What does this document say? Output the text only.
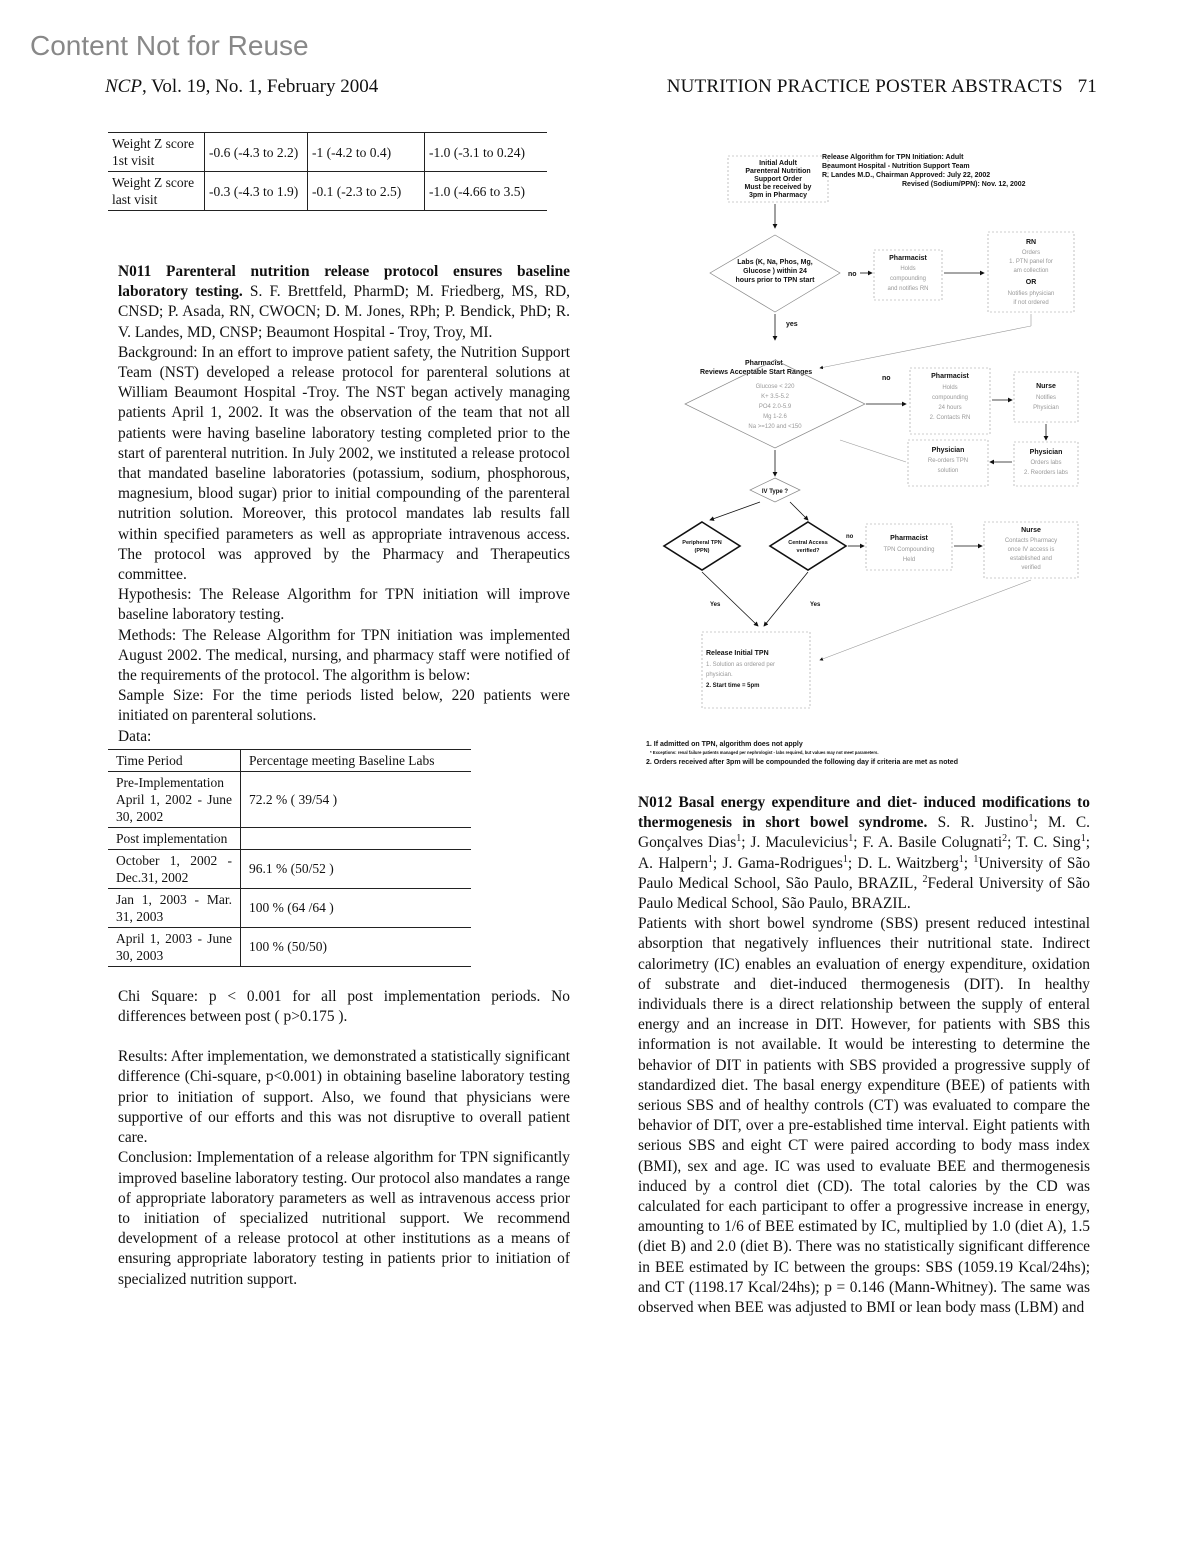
Content Not for Reuse
NCP, Vol. 19, No. 1, February 2004	NUTRITION PRACTICE POSTER ABSTRACTS 71
Weight Z score 1st visit	-0.6 (-4.3 to 2.2)	-1 (-4.2 to 0.4)	-1.0 (-3.1 to 0.24)
Weight Z score last visit	-0.3 (-4.3 to 1.9)	-0.1 (-2.3 to 2.5)	-1.0 (-4.66 to 3.5)

N011 Parenteral nutrition release protocol ensures baseline laboratory testing. S. F. Brettfeld, PharmD; M. Friedberg, MS, RD, CNSD; P. Asada, RN, CWOCN; D. M. Jones, RPh; P. Bendick, PhD; R. V. Landes, MD, CNSP; Beaumont Hospital - Troy, Troy, MI.

Background: In an effort to improve patient safety, the Nutrition Support Team (NST) developed a release protocol for parenteral solutions at William Beaumont Hospital -Troy. The NST began actively managing patients April 1, 2002. It was the observation of the team that not all patients were having baseline laboratory testing completed prior to the start of parenteral nutrition. In July 2002, we instituted a release protocol that mandated baseline laboratories (potassium, sodium, phosphorous, magnesium, blood sugar) prior to initial compounding of the parenteral nutrition solution. Moreover, this protocol mandates lab results fall within specified parameters as well as appropriate intravenous access. The protocol was approved by the Pharmacy and Therapeutics committee.

Hypothesis: The Release Algorithm for TPN initiation will improve baseline laboratory testing.

Methods: The Release Algorithm for TPN initiation was implemented August 2002. The medical, nursing, and pharmacy staff were notified of the requirements of the protocol. The algorithm is below:

Sample Size: For the time periods listed below, 220 patients were initiated on parenteral solutions.

Data:

Time Period	Percentage meeting Baseline Labs
Pre-Implementation April 1, 2002 - June 30, 2002	72.2 % ( 39/54 )
Post implementation	
October 1, 2002 - Dec.31, 2002	96.1 % (50/52 )
Jan 1, 2003 - Mar. 31, 2003	100 % (64 /64 )
April 1, 2003 - June 30, 2003	100 % (50/50)

Chi Square: p < 0.001 for all post implementation periods. No differences between post ( p>0.175 ).

Results: After implementation, we demonstrated a statistically significant difference (Chi-square, p<0.001) in obtaining baseline laboratory testing prior to initiation of support. Also, we found that physicians were supportive of our efforts and this was not disruptive to overall patient care.

Conclusion: Implementation of a release algorithm for TPN significantly improved baseline laboratory testing. Our protocol also mandates a range of appropriate laboratory parameters as well as intravenous access prior to initiation of specialized nutritional support. We recommend development of a release protocol at other institutions as a means of ensuring appropriate laboratory testing in patients prior to initiation of specialized nutrition support.

Initial Adult
Parenteral Nutrition
Support Order
Must be received by
3pm in Pharmacy
Release Algorithm for TPN Initiation: Adult
Beaumont Hospital - Nutrition Support Team
R. Landes M.D., Chairman Approved: July 22, 2002
Revised (Sodium/PPN): Nov. 12, 2002
Labs (K, Na, Phos, Mg,
Glucose ) within 24
hours prior to TPN start
no
Pharmacist
Holds
compounding
and notifies RN
RN
Orders
1. PTN panel for
am collection
OR
Notifies physician
if not ordered
yes
Pharmacist
Reviews Acceptable Start Ranges
Glucose < 220
K+ 3.5-5.2
PO4 2.0-5.9
Mg 1-2.6
Na >=120 and <150
no	Pharmacist
Holds
compounding
24 hours
2. Contacts RN
Nurse
Notifies
Physician
Physician
Re-orders TPN
solution
Physician
Orders labs
2. Reorders labs
IV Type ?
Peripheral TPN
(PPN)
Central Access
verified?
no	Pharmacist
TPN Compounding
Held
Nurse
Contacts Pharmacy
once IV access is
established and
verified
Yes	Yes
Release Initial TPN
1. Solution as ordered per
physician.
2. Start time = 5pm
1. If admitted on TPN, algorithm does not apply
* Exceptions: renal failure patients managed per nephrologist - labs required, but values may not meet parameters.
2. Orders received after 3pm will be compounded the following day if criteria are met as noted

N012 Basal energy expenditure and diet- induced modifications to thermogenesis in short bowel syndrome. S. R. Justino$^1$; M. C. Gonçalves Dias$^1$; J. Maculevicius$^1$; F. A. Basile Colugnati$^2$; T. C. Sing$^1$; A. Halpern$^1$; J. Gama-Rodrigues$^1$; D. L. Waitzberg$^1$; $^1$University of São Paulo Medical School, São Paulo, BRAZIL, $^2$Federal University of São Paulo Medical School, São Paulo, BRAZIL.

Patients with short bowel syndrome (SBS) present reduced intestinal absorption that negatively influences their nutritional state. Indirect calorimetry (IC) enables an evaluation of energy expenditure, oxidation of substrate and diet-induced thermogenesis (DIT). In healthy individuals there is a direct relationship between the supply of enteral energy and an increase in DIT. However, for patients with SBS this information is not available. It would be interesting to determine the behavior of DIT in patients with SBS provided a progressive supply of standardized diet. The basal energy expenditure (BEE) of patients with serious SBS and of healthy controls (CT) was evaluated to compare the behavior of DIT, over a pre-established time interval. Eight patients with serious SBS and eight CT were paired according to body mass index (BMI), sex and age. IC was used to evaluate BEE and thermogenesis induced by a control diet (CD). The total calories by the CD was calculated for each participant to offer a progressive increase in energy, amounting to 1/6 of BEE estimated by IC, multiplied by 1.0 (diet A), 1.5 (diet B) and 2.0 (diet B). There was no statistically significant difference in BEE estimated by IC between the groups: SBS (1059.19 Kcal/24hs); and CT (1198.17 Kcal/24hs); p = 0.146 (Mann-Whitney). The same was observed when BEE was adjusted to BMI or lean body mass (LBM) and
